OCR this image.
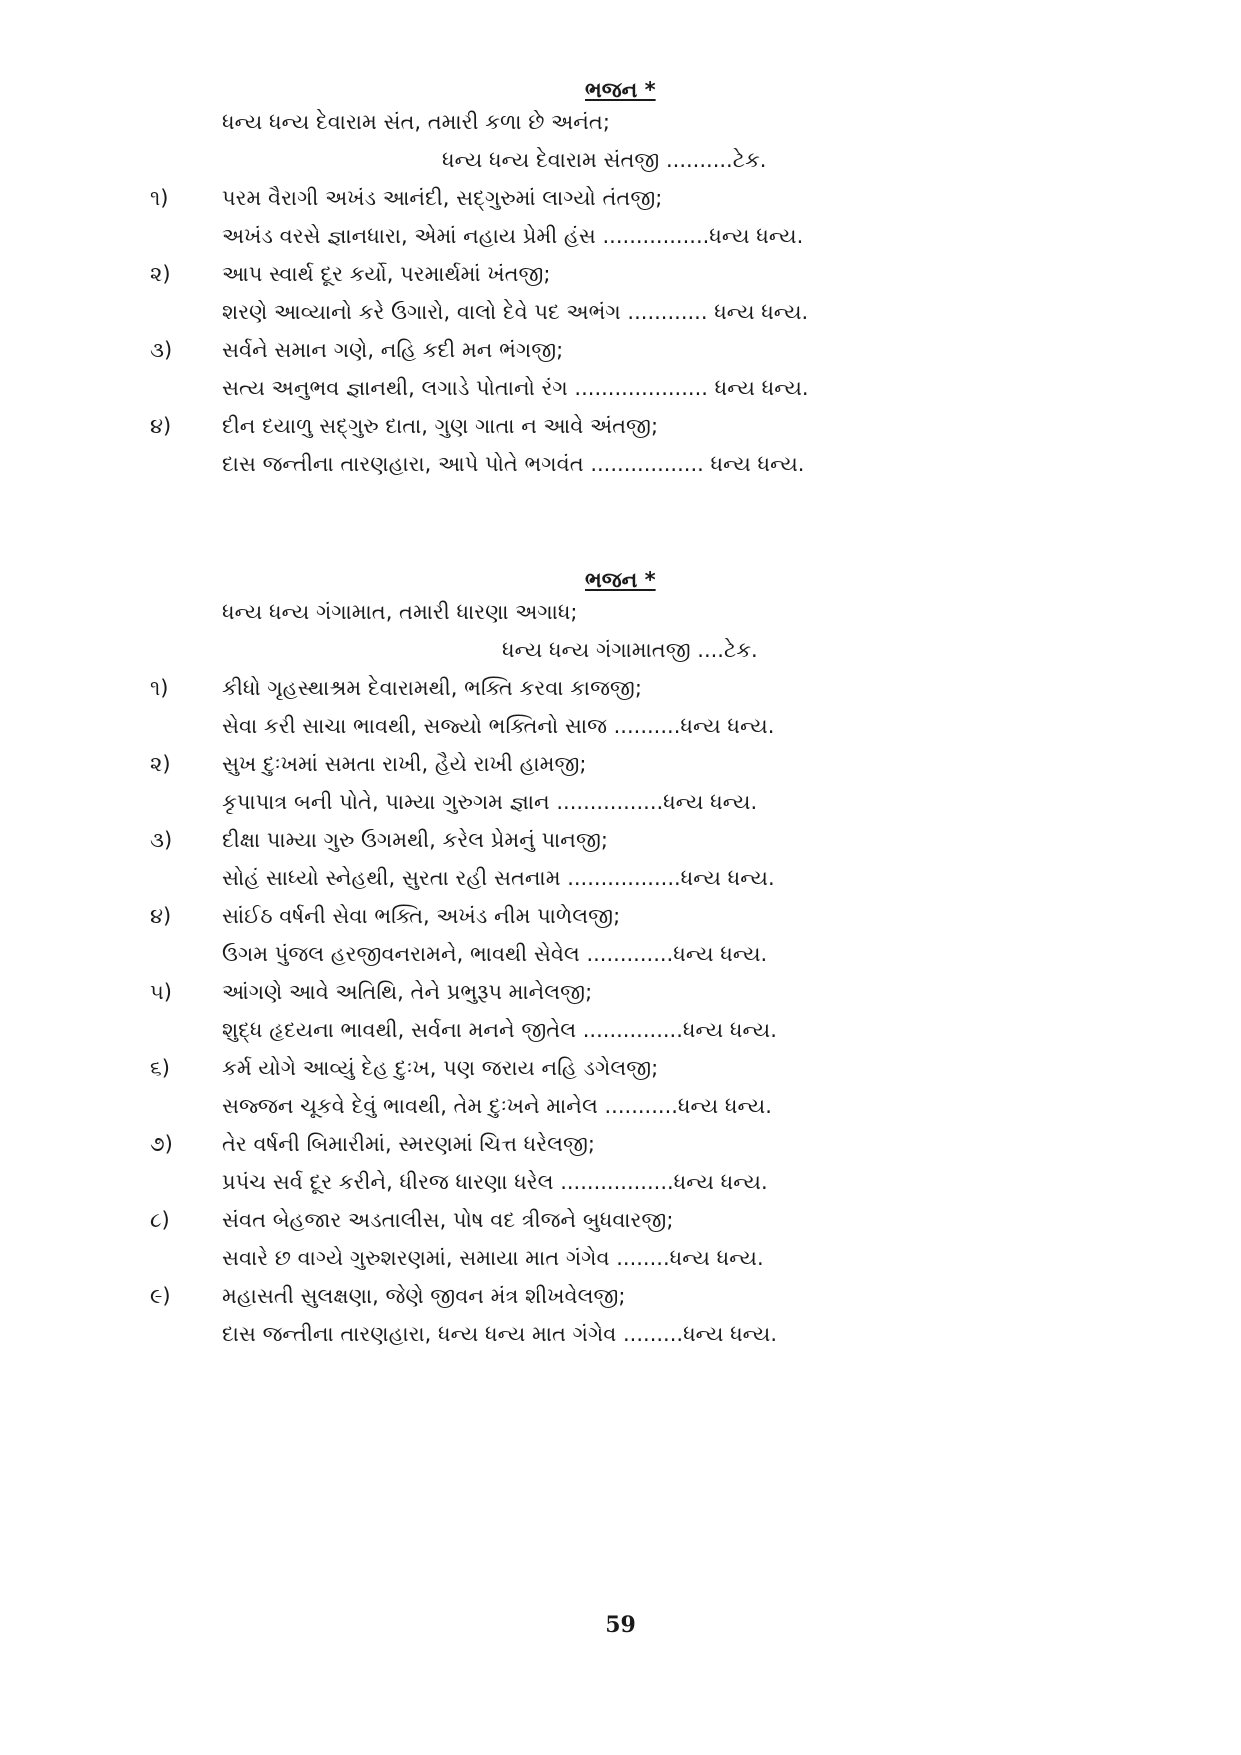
ભજન *
ધન્ય ધન્ય દેવારામ સંત, તમારી કળા છે અનંત;
ધન્ય ધન્ય દેવારામ સંતજી ..........ટેક.
૧)	પરમ વૈરાગી અખંડ આનંદી, સદ્‌ગુરુમાં લાગ્યો તંતજી;
અખંડ વરસે જ્ઞાનધારા, એમાં નહાય પ્રેમી હંસ ................ધન્ય ધન્ય.
૨) આપ સ્વાર્થ દૂર કર્યો, પરમાર્થમાં ખંતજી;
શરણે આવ્યાનો કરે ઉગારો, વાલો દેવે પદ અભંગ ............ ધન્ય ધન્ય.
૩) સર્વને સમાન ગણે, નહિ કદી મન ભંગજી;
સત્ય અનુભવ જ્ઞાનથી, લગાડે પોતાનો રંગ .................... ધન્ય ધન્ય.
૪) દીન દયાળુ સદ્‌ગુરુ દાતા, ગુણ ગાતા ન આવે અંતજી;
દાસ જન્તીના તારણહારા, આપે પોતે ભગવંત ................. ધન્ય ધન્ય.
ભજન *
ધન્ય ધન્ય ગંગામાત, તમારી ધારણા અગાધ;
ધન્ય ધન્ય ગંગામાતજી ....ટેક.
૧)	કીધો ગૃહસ્થાશ્રમ દેવારામથી, ભક્તિ કરવા કાજજી;
સેવા કરી સાચા ભાવથી, સજ્યો ભક્તિનો સાજ ..........ધન્ય ધન્ય.
૨) સુખ દુઃખમાં સમતા રાખી, હૈયે રાખી હામજી;
કૃપાપાત્ર બની પોતે, પામ્યા ગુરુગમ જ્ઞાન ................ધન્ય ધન્ય.
૩) દીક્ષા પામ્યા ગુરુ ઉગમથી, કરેલ પ્રેમનું પાનજી;
સોહં સાધ્યો સ્નેહથી, સુરતા રહી સતનામ .................ધન્ય ધન્ય.
૪) સાંઈઠ વર્ષની સેવા ભક્તિ, અખંડ નીમ પાળેલજી;
ઉગમ પુંજલ હરજીવનરામને, ભાવથી સેવેલ .............ધન્ય ધન્ય.
૫) આંગણે આવે અતિથિ, તેને પ્રભુરૂપ માનેલજી;
શુદ્ધ હૃદયના ભાવથી, સર્વના મનને જીતેલ ...............ધન્ય ધન્ય.
૬) કર્મ યોગે આવ્યું દેહ દુઃખ, પણ જરાય નહિ ડગેલજી;
સજ્જન ચૂકવે દેવું ભાવથી, તેમ દુઃખને માનેલ ...........ધન્ય ધન્ય.
૭) તેર વર્ષની બિમારીમાં, સ્મરણમાં ચિત્ત ધરેલજી;
પ્રપંચ સર્વ દૂર કરીને, ધીરજ ધારણા ધરેલ .................ધન્ય ધન્ય.
૮) સંવત બેહજાર અડતાલીસ, પોષ વદ ત્રીજને બુધવારજી;
સવારે છ વાગ્યે ગુરુશરણમાં, સમાયા માત ગંગેવ ........ધન્ય ધન્ય.
૯) મહાસતી સુલક્ષણા, જેણે જીવન મંત્ર શીખવેલજી;
દાસ જન્તીના તારણહારા, ધન્ય ધન્ય માત ગંગેવ .........ધન્ય ધન્ય.
59
